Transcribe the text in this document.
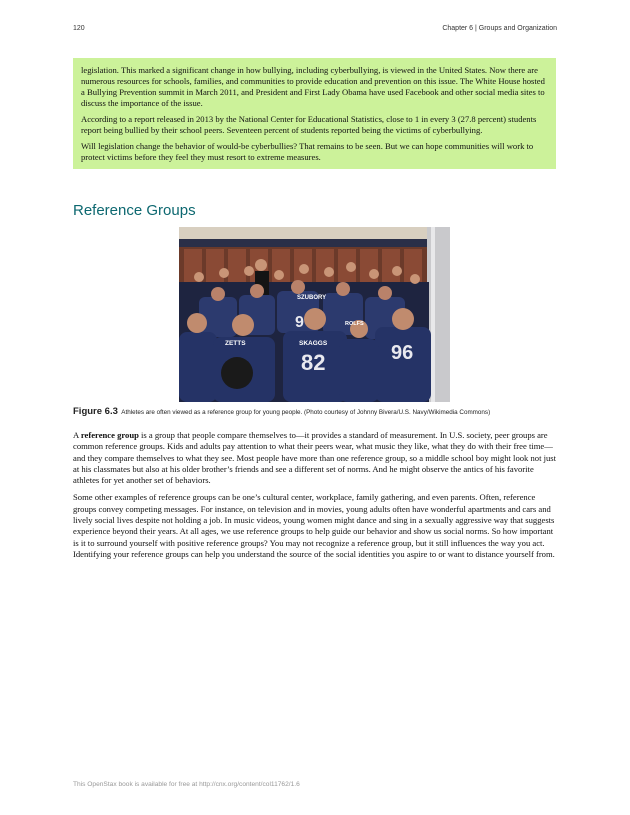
120	Chapter 6 | Groups and Organization

legislation. This marked a significant change in how bullying, including cyberbullying, is viewed in the United States. Now there are numerous resources for schools, families, and communities to provide education and prevention on this issue. The White House hosted a Bullying Prevention summit in March 2011, and President and First Lady Obama have used Facebook and other social media sites to discuss the importance of the issue.

According to a report released in 2013 by the National Center for Educational Statistics, close to 1 in every 3 (27.8 percent) students report being bullied by their school peers. Seventeen percent of students reported being the victims of cyberbullying.

Will legislation change the behavior of would-be cyberbullies? That remains to be seen. But we can hope communities will work to protect victims before they feel they must resort to extreme measures.

Reference Groups
SZUBORY
SKAGGS
ZETTS
ROLFS
82	96
9
Figure 6.3 Athletes are often viewed as a reference group for young people. (Photo courtesy of Johnny Bivera/U.S. Navy/Wikimedia Commons)

A reference group is a group that people compare themselves to—it provides a standard of measurement. In U.S. society, peer groups are common reference groups. Kids and adults pay attention to what their peers wear, what music they like, what they do with their free time—and they compare themselves to what they see. Most people have more than one reference group, so a middle school boy might look not just at his classmates but also at his older brother’s friends and see a different set of norms. And he might observe the antics of his favorite athletes for yet another set of behaviors.

Some other examples of reference groups can be one’s cultural center, workplace, family gathering, and even parents. Often, reference groups convey competing messages. For instance, on television and in movies, young adults often have wonderful apartments and cars and lively social lives despite not holding a job. In music videos, young women might dance and sing in a sexually aggressive way that suggests experience beyond their years. At all ages, we use reference groups to help guide our behavior and show us social norms. So how important is it to surround yourself with positive reference groups? You may not recognize a reference group, but it still influences the way you act. Identifying your reference groups can help you understand the source of the social identities you aspire to or want to distance yourself from.

This OpenStax book is available for free at http://cnx.org/content/col11762/1.6
